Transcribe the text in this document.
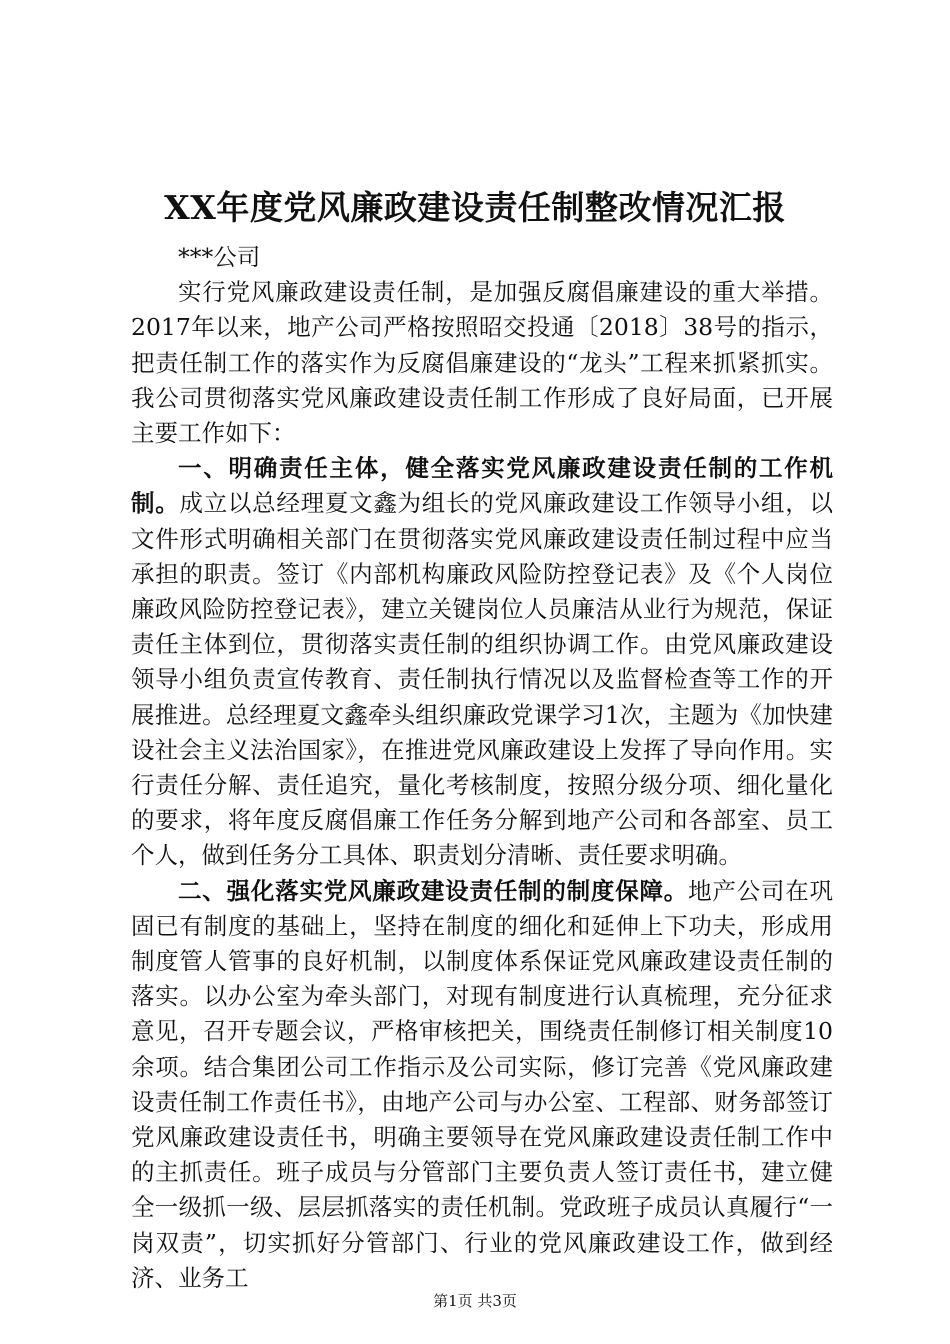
XX年度党风廉政建设责任制整改情况汇报

***公司

实行党风廉政建设责任制，是加强反腐倡廉建设的重大举措。2017年以来，地产公司严格按照昭交投通〔2018〕38号的指示，把责任制工作的落实作为反腐倡廉建设的“龙头”工程来抓紧抓实。我公司贯彻落实党风廉政建设责任制工作形成了良好局面，已开展主要工作如下：

一、明确责任主体，健全落实党风廉政建设责任制的工作机制。成立以总经理夏文鑫为组长的党风廉政建设工作领导小组，以文件形式明确相关部门在贯彻落实党风廉政建设责任制过程中应当承担的职责。签订《内部机构廉政风险防控登记表》及《个人岗位廉政风险防控登记表》，建立关键岗位人员廉洁从业行为规范，保证责任主体到位，贯彻落实责任制的组织协调工作。由党风廉政建设领导小组负责宣传教育、责任制执行情况以及监督检查等工作的开展推进。总经理夏文鑫牵头组织廉政党课学习1次，主题为《加快建设社会主义法治国家》，在推进党风廉政建设上发挥了导向作用。实行责任分解、责任追究，量化考核制度，按照分级分项、细化量化的要求，将年度反腐倡廉工作任务分解到地产公司和各部室、员工个人，做到任务分工具体、职责划分清晰、责任要求明确。

二、强化落实党风廉政建设责任制的制度保障。地产公司在巩固已有制度的基础上，坚持在制度的细化和延伸上下功夫，形成用制度管人管事的良好机制，以制度体系保证党风廉政建设责任制的落实。以办公室为牵头部门，对现有制度进行认真梳理，充分征求意见，召开专题会议，严格审核把关，围绕责任制修订相关制度10余项。结合集团公司工作指示及公司实际，修订完善《党风廉政建设责任制工作责任书》，由地产公司与办公室、工程部、财务部签订党风廉政建设责任书，明确主要领导在党风廉政建设责任制工作中的主抓责任。班子成员与分管部门主要负责人签订责任书，建立健全一级抓一级、层层抓落实的责任机制。党政班子成员认真履行“一岗双责”，切实抓好分管部门、行业的党风廉政建设工作，做到经济、业务工

第1页 共3页
